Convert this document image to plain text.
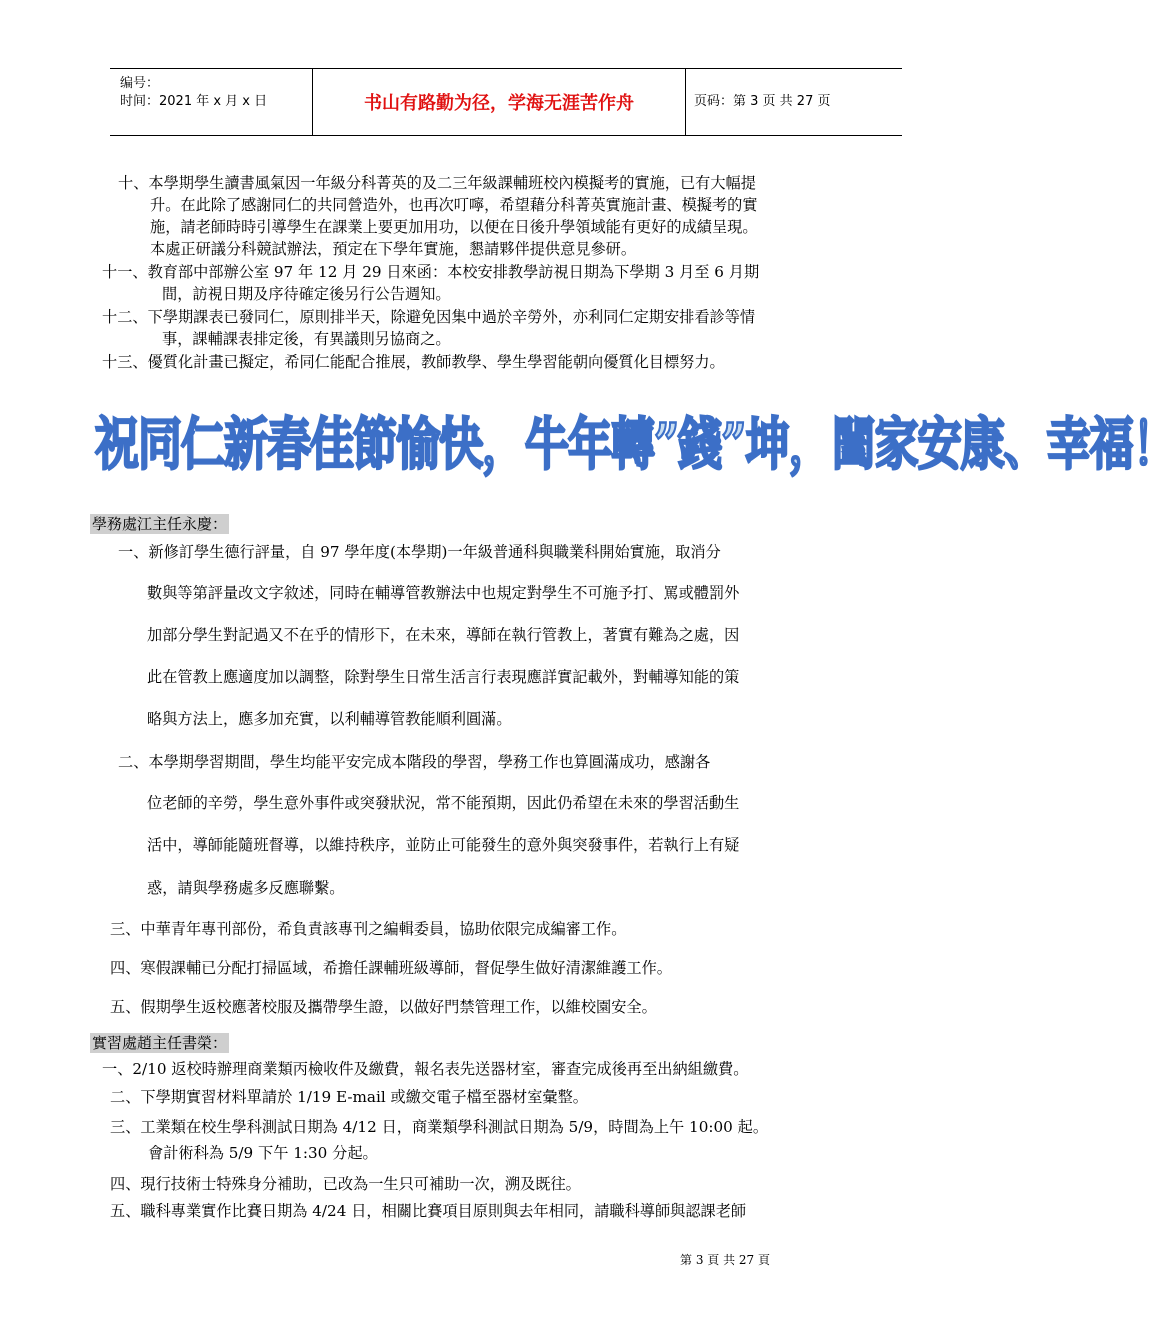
编号：
时间：2021 年 x 月 x 日	书山有路勤为径，学海无涯苦作舟	页码：第 3 页 共 27 页
十、本學期學生讀書風氣因一年級分科菁英的及二三年級課輔班校內模擬考的實施，已有大幅提
升。在此除了感謝同仁的共同營造外，也再次叮嚀，希望藉分科菁英實施計畫、模擬考的實
施，請老師時時引導學生在課業上要更加用功，以便在日後升學領域能有更好的成績呈現。
本處正研議分科競試辦法，預定在下學年實施，懇請夥伴提供意見參研。
十一、教育部中部辦公室 97 年 12 月 29 日來函：本校安排教學訪視日期為下學期 3 月至 6 月期
間，訪視日期及序待確定後另行公告週知。
十二、下學期課表已發同仁，原則排半天，除避免因集中過於辛勞外，亦利同仁定期安排看診等情
事，課輔課表排定後，有異議則另協商之。
十三、優質化計畫已擬定，希同仁能配合推展，教師教學、學生學習能朝向優質化目標努力。
祝同仁新春佳節愉快，牛年轉”錢”坤，闔家安康、幸福！
學務處江主任永慶：
一、新修訂學生德行評量，自 97 學年度(本學期)一年級普通科與職業科開始實施，取消分
數與等第評量改文字敘述，同時在輔導管教辦法中也規定對學生不可施予打、罵或體罰外
加部分學生對記過又不在乎的情形下，在未來，導師在執行管教上，著實有難為之處，因
此在管教上應適度加以調整，除對學生日常生活言行表現應詳實記載外，對輔導知能的策
略與方法上，應多加充實，以利輔導管教能順利圓滿。
二、本學期學習期間，學生均能平安完成本階段的學習，學務工作也算圓滿成功，感謝各
位老師的辛勞，學生意外事件或突發狀況，常不能預期，因此仍希望在未來的學習活動生
活中，導師能隨班督導，以維持秩序，並防止可能發生的意外與突發事件，若執行上有疑
惑，請與學務處多反應聯繫。
三、中華青年專刊部份，希負責該專刊之編輯委員，協助依限完成編審工作。
四、寒假課輔已分配打掃區域，希擔任課輔班級導師，督促學生做好清潔維護工作。
五、假期學生返校應著校服及攜帶學生證，以做好門禁管理工作，以維校園安全。
實習處趙主任書榮：
一、2/10 返校時辦理商業類丙檢收件及繳費，報名表先送器材室，審查完成後再至出納組繳費。
二、下學期實習材料單請於 1/19 E-mail 或繳交電子檔至器材室彙整。
三、工業類在校生學科測試日期為 4/12 日，商業類學科測試日期為 5/9，時間為上午 10:00 起。
會計術科為 5/9 下午 1:30 分起。
四、現行技術士特殊身分補助，已改為一生只可補助一次，溯及既往。
五、職科專業實作比賽日期為 4/24 日，相關比賽項目原則與去年相同，請職科導師與認課老師
第 3 頁 共 27 頁
